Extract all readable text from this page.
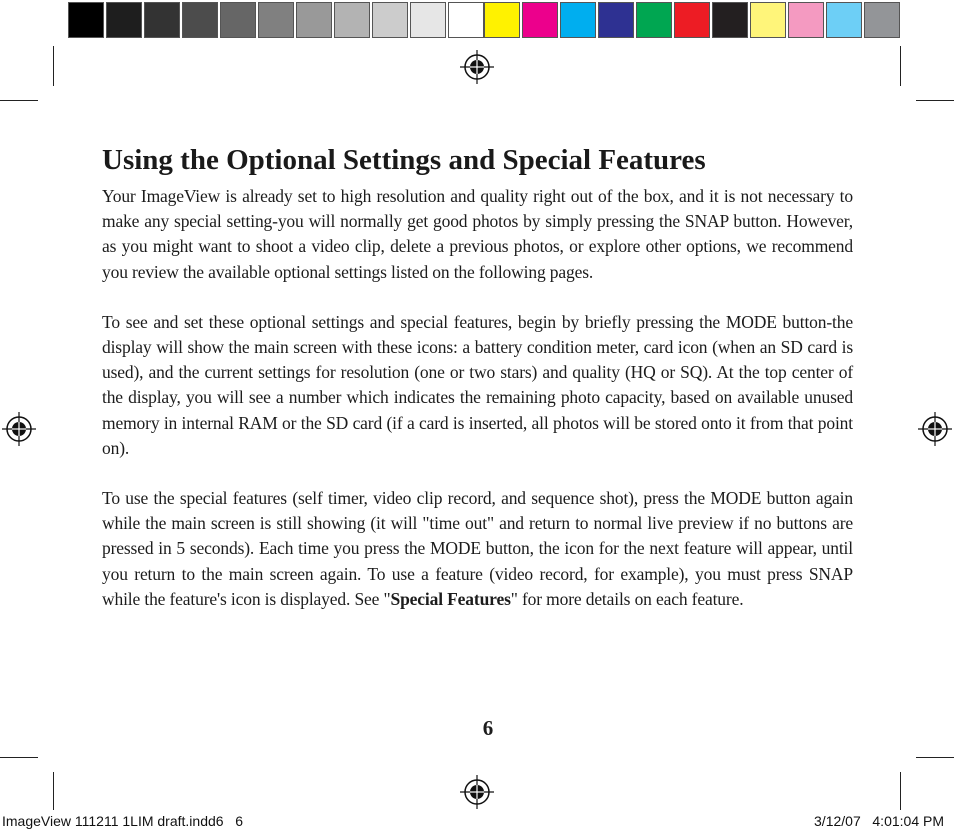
Using the Optional Settings and Special Features

Your ImageView is already set to high resolution and quality right out of the box, and it is not necessary to make any special setting-you will normally get good photos by simply pressing the SNAP button. However, as you might want to shoot a video clip, delete a previous photos, or explore other options, we recommend you review the available optional settings listed on the following pages.

To see and set these optional settings and special features, begin by briefly pressing the MODE button-the display will show the main screen with these icons: a battery condition meter, card icon (when an SD card is used), and the current settings for resolution (one or two stars) and quality (HQ or SQ). At the top center of the display, you will see a number which indicates the remaining photo capacity, based on available unused memory in internal RAM or the SD card (if a card is inserted, all photos will be stored onto it from that point on).

To use the special features (self timer, video clip record, and sequence shot), press the MODE button again while the main screen is still showing (it will "time out" and return to normal live preview if no buttons are pressed in 5 seconds). Each time you press the MODE button, the icon for the next feature will appear, until you return to the main screen again. To use a feature (video record, for example), you must press SNAP while the feature's icon is displayed. See "Special Features" for more details on each feature.

6
ImageView 111211 1LIM draft.indd6   6	3/12/07   4:01:04 PM
